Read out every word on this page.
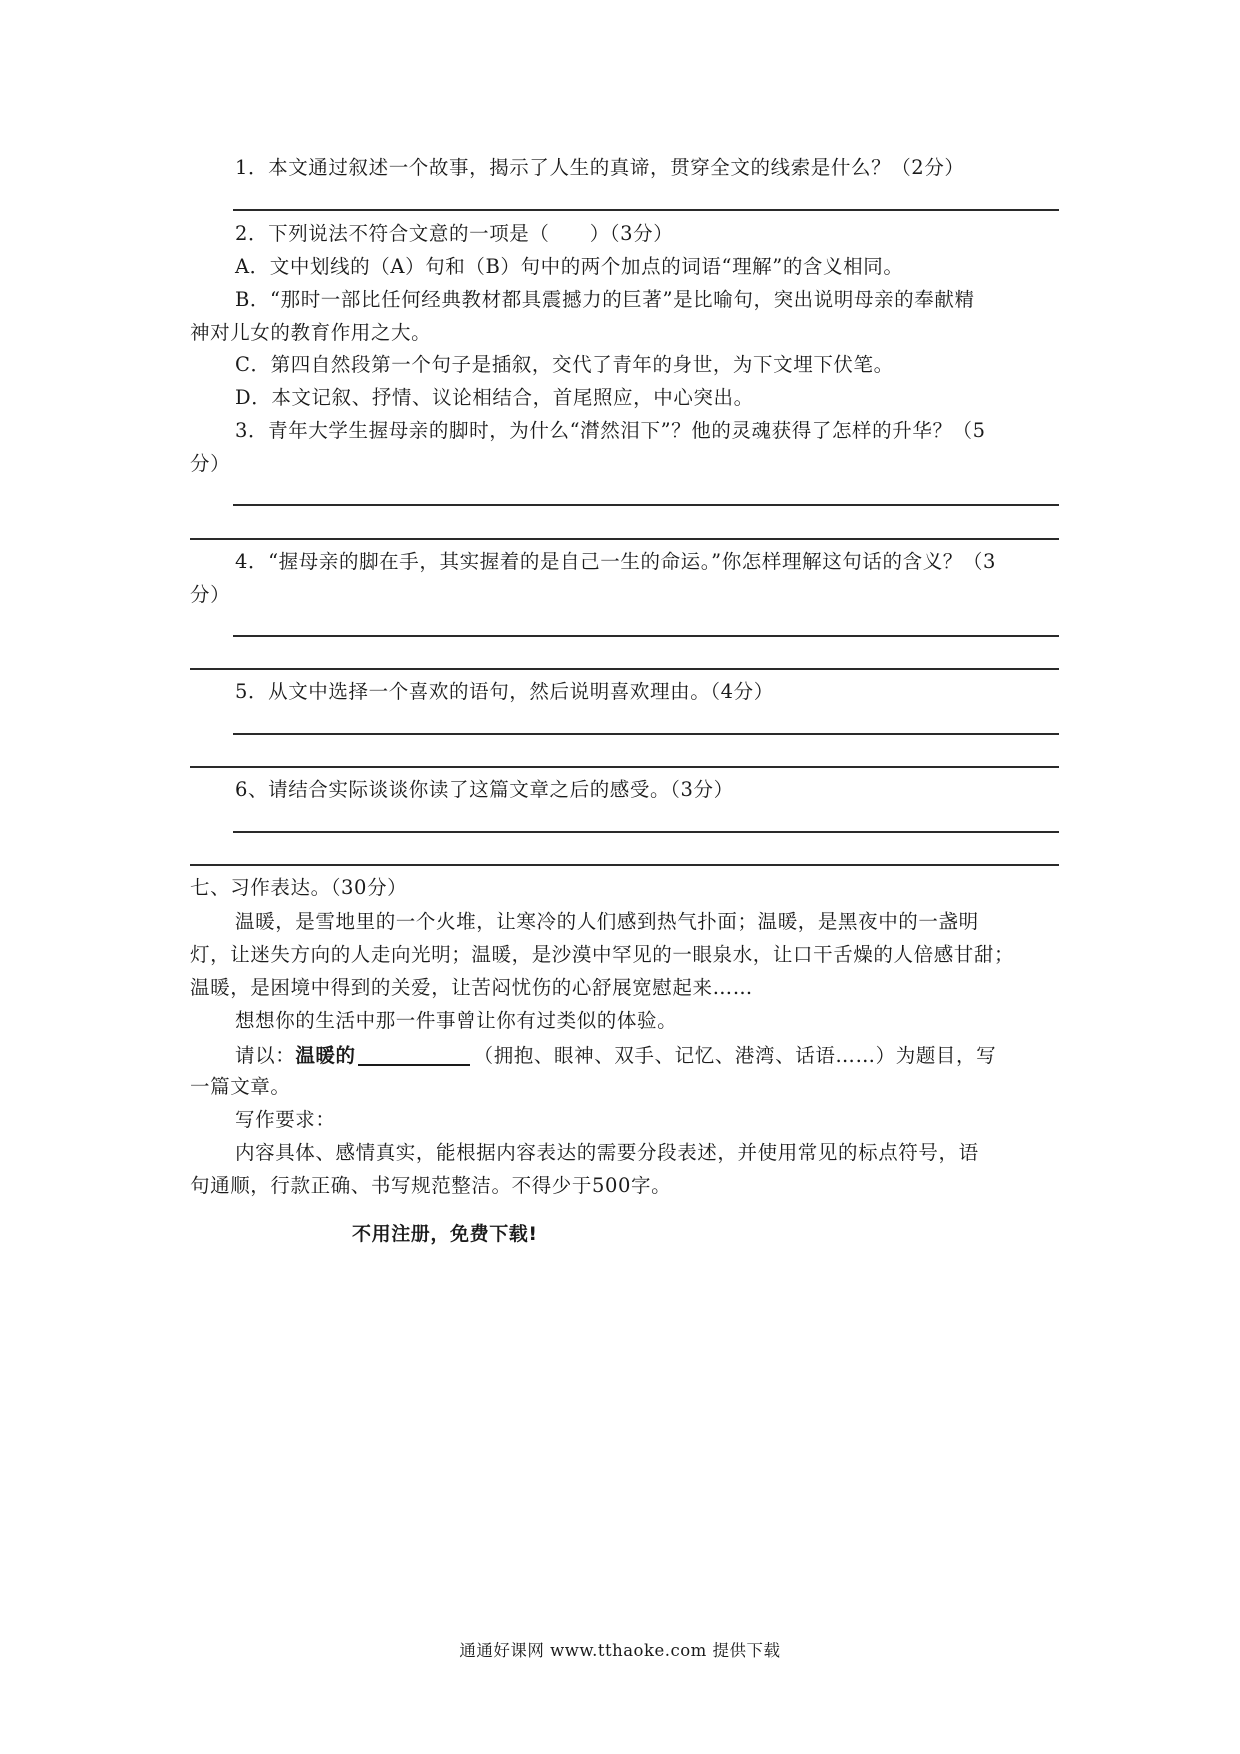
1．本文通过叙述一个故事，揭示了人生的真谛，贯穿全文的线索是什么？（2分）
2．下列说法不符合文意的一项是（　　）（3分）
A．文中划线的（A）句和（B）句中的两个加点的词语“理解”的含义相同。
B．“那时一部比任何经典教材都具震撼力的巨著”是比喻句，突出说明母亲的奉献精
神对儿女的教育作用之大。
C．第四自然段第一个句子是插叙，交代了青年的身世，为下文埋下伏笔。
D．本文记叙、抒情、议论相结合，首尾照应，中心突出。
3．青年大学生握母亲的脚时，为什么“潸然泪下”？他的灵魂获得了怎样的升华？（5
分）
4．“握母亲的脚在手，其实握着的是自己一生的命运。”你怎样理解这句话的含义？（3
分）
5．从文中选择一个喜欢的语句，然后说明喜欢理由。（4分）
6、请结合实际谈谈你读了这篇文章之后的感受。（3分）
七、习作表达。（30分）
温暖，是雪地里的一个火堆，让寒冷的人们感到热气扑面；温暖，是黑夜中的一盏明
灯，让迷失方向的人走向光明；温暖，是沙漠中罕见的一眼泉水，让口干舌燥的人倍感甘甜；
温暖，是困境中得到的关爱，让苦闷忧伤的心舒展宽慰起来……
想想你的生活中那一件事曾让你有过类似的体验。
请以：温暖的	（拥抱、眼神、双手、记忆、港湾、话语……）为题目，写
一篇文章。
写作要求：
内容具体、感情真实，能根据内容表达的需要分段表述，并使用常见的标点符号，语
句通顺，行款正确、书写规范整洁。不得少于500字。
不用注册，免费下载!
通通好课网 www.tthaoke.com 提供下载
